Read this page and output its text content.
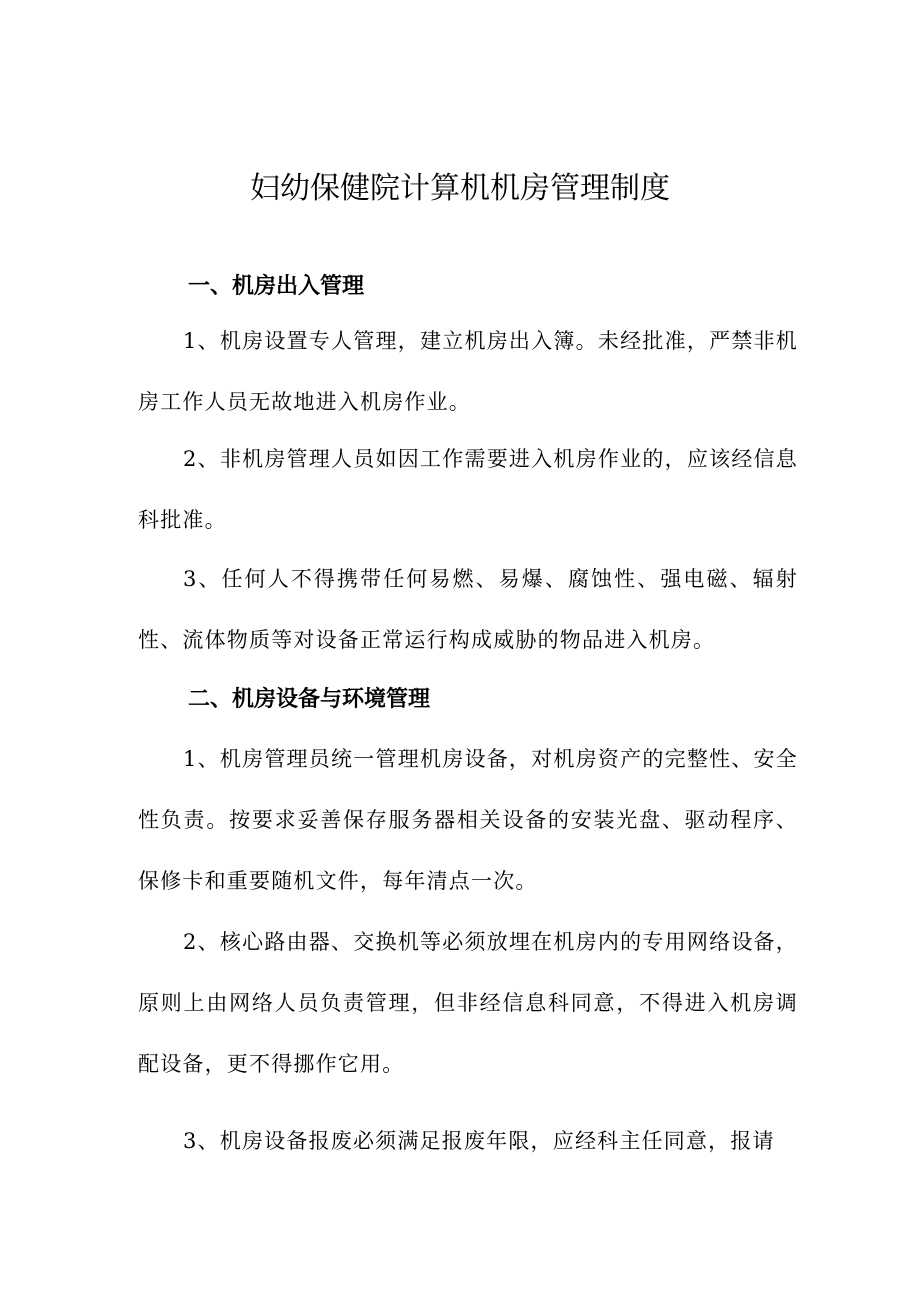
妇幼保健院计算机机房管理制度
一、机房出入管理

1、机房设置专人管理，建立机房出入簿。未经批准，严禁非机房工作人员无故地进入机房作业。

2、非机房管理人员如因工作需要进入机房作业的，应该经信息科批准。

3、任何人不得携带任何易燃、易爆、腐蚀性、强电磁、辐射性、流体物质等对设备正常运行构成威胁的物品进入机房。

二、机房设备与环境管理

1、机房管理员统一管理机房设备，对机房资产的完整性、安全性负责。按要求妥善保存服务器相关设备的安装光盘、驱动程序、保修卡和重要随机文件，每年清点一次。

2、核心路由器、交换机等必须放埋在机房内的专用网络设备，原则上由网络人员负责管理，但非经信息科同意，不得进入机房调配设备，更不得挪作它用。

3、机房设备报废必须满足报废年限，应经科主任同意，报请
